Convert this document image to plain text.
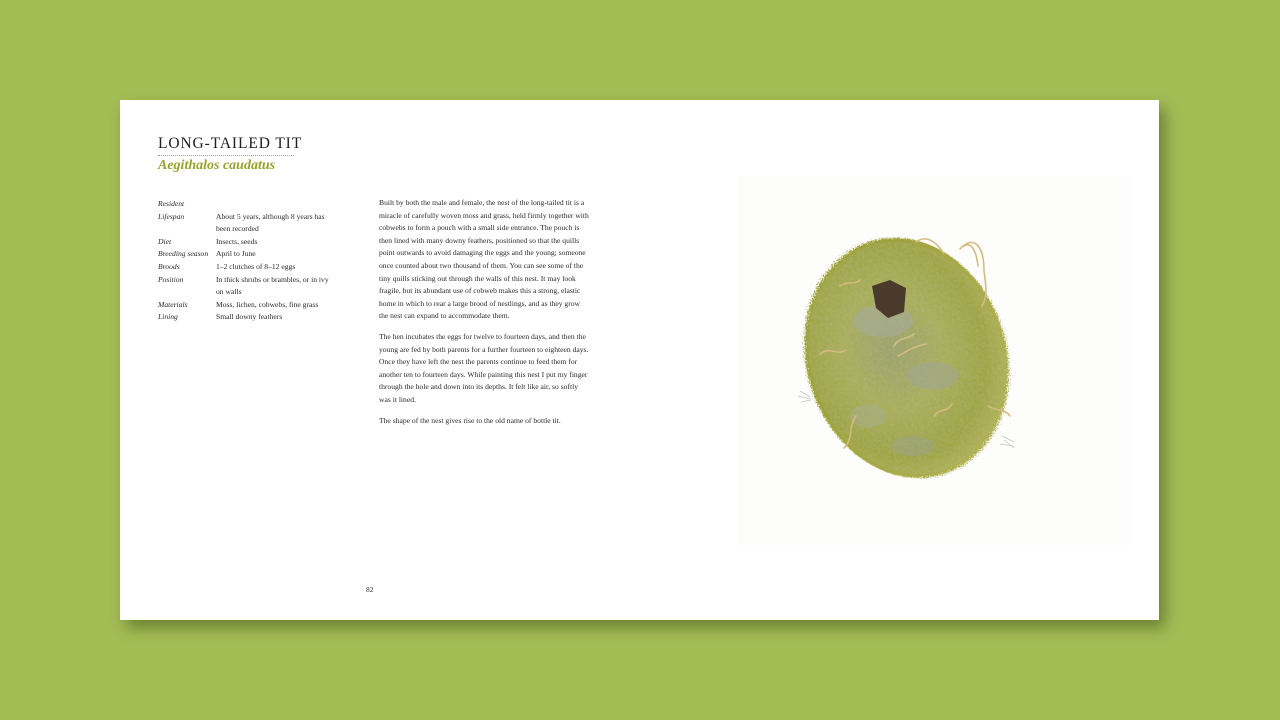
LONG-TAILED TIT
Aegithalos caudatus
Resident
Lifespan	About 5 years, although 8 years has been recorded
Diet	Insects, seeds
Breeding season	April to June
Broods	1–2 clutches of 8–12 eggs
Position	In thick shrubs or brambles, or in ivy on walls
Materials	Moss, lichen, cobwebs, fine grass
Lining	Small downy feathers

Built by both the male and female, the nest of the long-tailed tit is a miracle of carefully woven moss and grass, held firmly together with cobwebs to form a pouch with a small side entrance. The pouch is then lined with many downy feathers, positioned so that the quills point outwards to avoid damaging the eggs and the young; someone once counted about two thousand of them. You can see some of the tiny quills sticking out through the walls of this nest. It may look fragile, but its abundant use of cobweb makes this a strong, elastic home in which to rear a large brood of nestlings, and as they grow the nest can expand to accommodate them.

The hen incubates the eggs for twelve to fourteen days, and then the young are fed by both parents for a further fourteen to eighteen days. Once they have left the nest the parents continue to feed them for another ten to fourteen days. While painting this nest I put my finger through the hole and down into its depths. It felt like air, so softly was it lined.

The shape of the nest gives rise to the old name of bottle tit.

82
